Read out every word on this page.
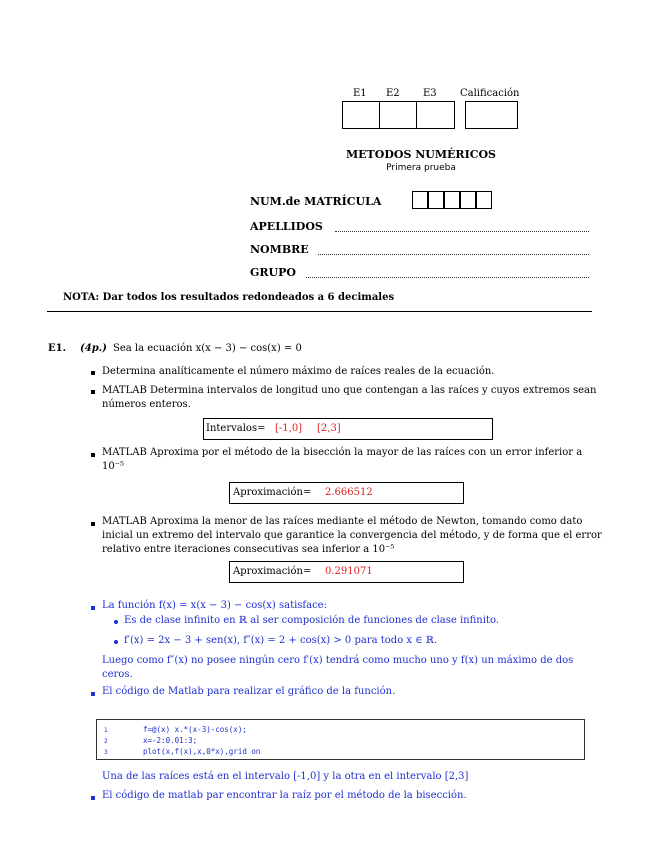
E1 E2 E3 Calificación
METODOS NUMÉRICOS
Primera prueba
NUM.de MATRÍCULA
APELLIDOS
NOMBRE
GRUPO
NOTA: Dar todos los resultados redondeados a 6 decimales
E1. (4p.) Sea la ecuación x(x − 3) − cos(x) = 0
Determina analíticamente el número máximo de raíces reales de la ecuación.
MATLAB Determina intervalos de longitud uno que contengan a las raíces y cuyos extremos sean
números enteros.
Intervalos= [-1,0] [2,3]
MATLAB Aproxima por el método de la bisección la mayor de las raíces con un error inferior a
10⁻⁵
Aproximación= 2.666512
MATLAB Aproxima la menor de las raíces mediante el método de Newton, tomando como dato
inicial un extremo del intervalo que garantice la convergencia del método, y de forma que el error
relativo entre iteraciones consecutivas sea inferior a 10⁻⁵
Aproximación= 0.291071
La función f(x) = x(x − 3) − cos(x) satisface:
Es de clase infinito en ℝ al ser composición de funciones de clase infinito.
f′(x) = 2x − 3 + sen(x), f″(x) = 2 + cos(x) > 0 para todo x ∈ ℝ.
Luego como f″(x) no posee ningún cero f′(x) tendrá como mucho uno y f(x) un máximo de dos
ceros.
El código de Matlab para realizar el gráfico de la función.
1	f=@(x) x.*(x-3)-cos(x);
2	x=-2:0.01:3;
3	plot(x,f(x),x,0*x),grid on
Una de las raíces está en el intervalo [-1,0] y la otra en el intervalo [2,3]
El código de matlab par encontrar la raíz por el método de la bisección.
